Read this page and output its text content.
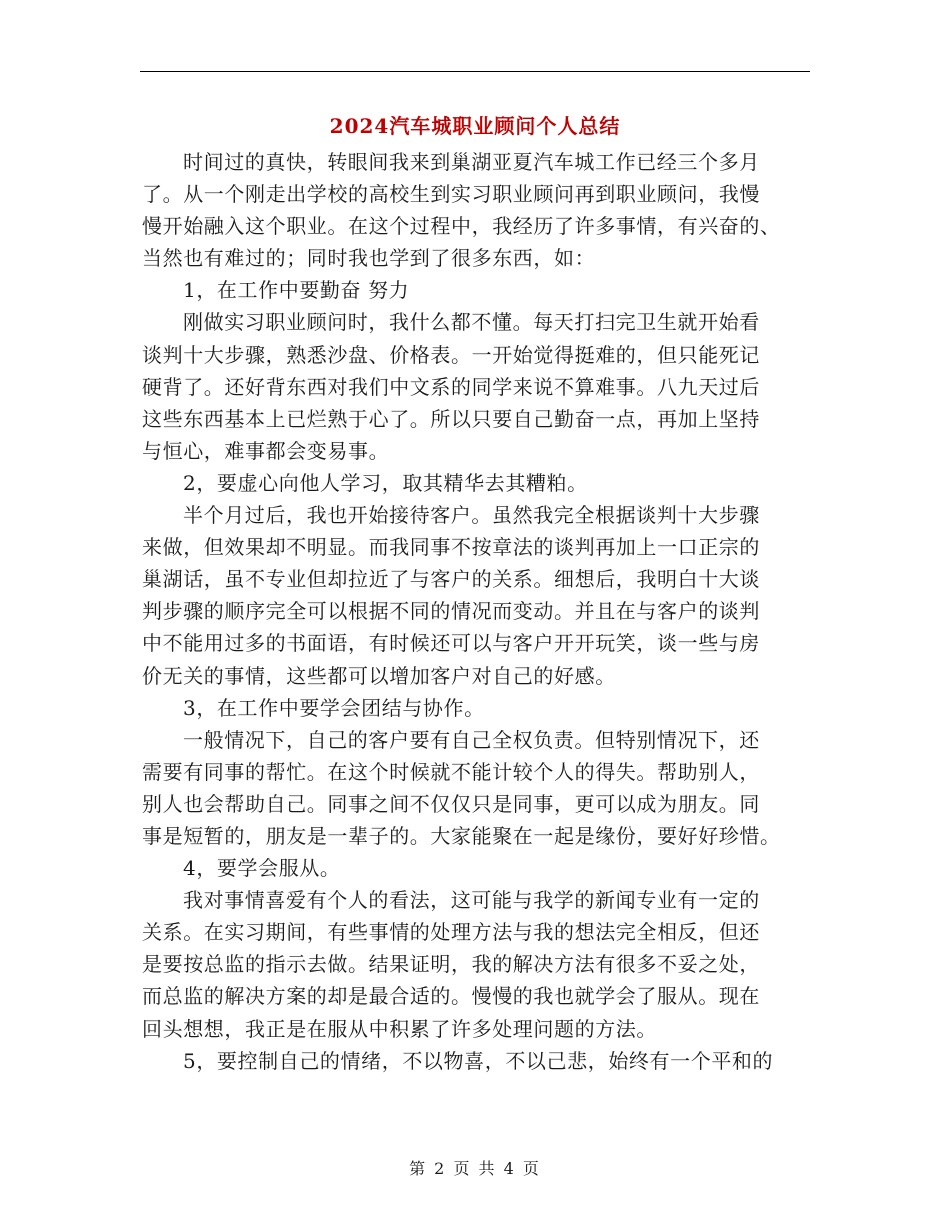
2024汽车城职业顾问个人总结
时间过的真快，转眼间我来到巢湖亚夏汽车城工作已经三个多月
了。从一个刚走出学校的高校生到实习职业顾问再到职业顾问，我慢
慢开始融入这个职业。在这个过程中，我经历了许多事情，有兴奋的、
当然也有难过的；同时我也学到了很多东西，如：
1，在工作中要勤奋 努力
刚做实习职业顾问时，我什么都不懂。每天打扫完卫生就开始看
谈判十大步骤，熟悉沙盘、价格表。一开始觉得挺难的，但只能死记
硬背了。还好背东西对我们中文系的同学来说不算难事。八九天过后
这些东西基本上已烂熟于心了。所以只要自己勤奋一点，再加上坚持
与恒心，难事都会变易事。
2，要虚心向他人学习，取其精华去其糟粕。
半个月过后，我也开始接待客户。虽然我完全根据谈判十大步骤
来做，但效果却不明显。而我同事不按章法的谈判再加上一口正宗的
巢湖话，虽不专业但却拉近了与客户的关系。细想后，我明白十大谈
判步骤的顺序完全可以根据不同的情况而变动。并且在与客户的谈判
中不能用过多的书面语，有时候还可以与客户开开玩笑，谈一些与房
价无关的事情，这些都可以增加客户对自己的好感。
3，在工作中要学会团结与协作。
一般情况下，自己的客户要有自己全权负责。但特别情况下，还
需要有同事的帮忙。在这个时候就不能计较个人的得失。帮助别人，
别人也会帮助自己。同事之间不仅仅只是同事，更可以成为朋友。同
事是短暂的，朋友是一辈子的。大家能聚在一起是缘份，要好好珍惜。
4，要学会服从。
我对事情喜爱有个人的看法，这可能与我学的新闻专业有一定的
关系。在实习期间，有些事情的处理方法与我的想法完全相反，但还
是要按总监的指示去做。结果证明，我的解决方法有很多不妥之处，
而总监的解决方案的却是最合适的。慢慢的我也就学会了服从。现在
回头想想，我正是在服从中积累了许多处理问题的方法。
5，要控制自己的情绪，不以物喜，不以己悲，始终有一个平和的
第 2 页 共 4 页
